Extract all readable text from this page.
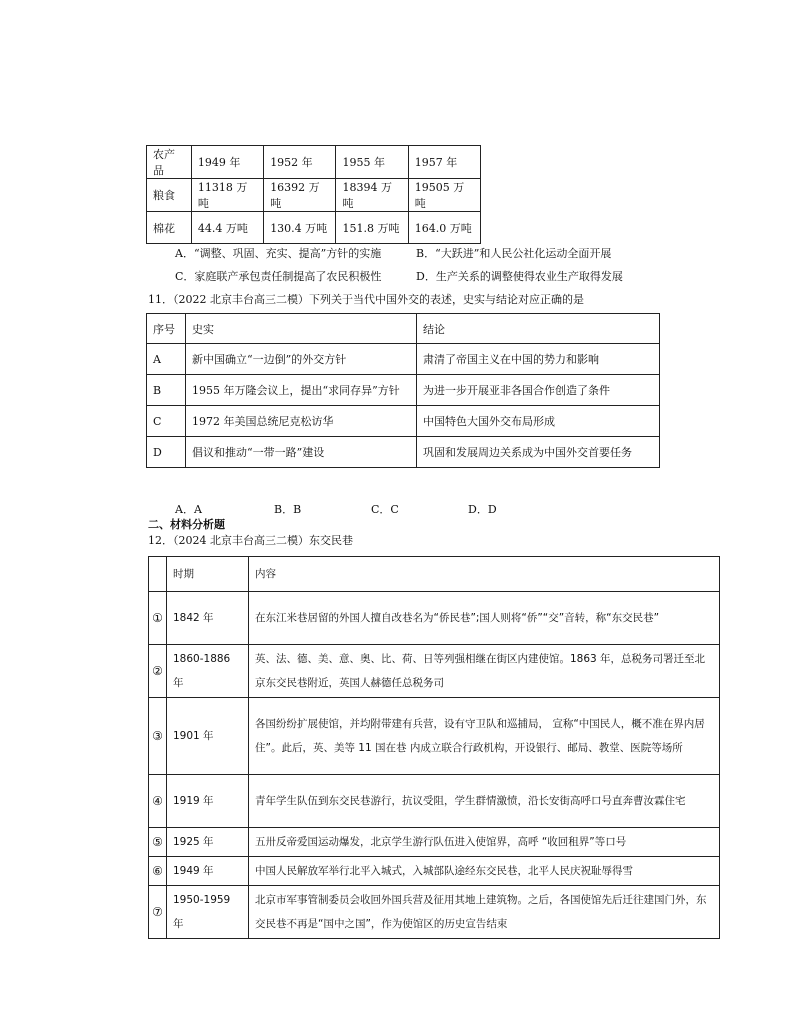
农产品	1949 年	1952 年	1955 年	1957 年
粮食	11318 万吨	16392 万吨	18394 万吨	19505 万吨
棉花	44.4 万吨	130.4 万吨	151.8 万吨	164.0 万吨
A．“调整、巩固、充实、提高”方针的实施	B．“大跃进”和人民公社化运动全面开展
C．家庭联产承包责任制提高了农民积极性	D．生产关系的调整使得农业生产取得发展
11．（2022 北京丰台高三二模）下列关于当代中国外交的表述，史实与结论对应正确的是
序号	史实	结论
A	新中国确立“一边倒”的外交方针	肃清了帝国主义在中国的势力和影响
B	1955 年万隆会议上，提出“求同存异”方针	为进一步开展亚非各国合作创造了条件
C	1972 年美国总统尼克松访华	中国特色大国外交布局形成
D	倡议和推动“一带一路”建设	巩固和发展周边关系成为中国外交首要任务
A．A	B．B	C．C	D．D
二、材料分析题
12．（2024 北京丰台高三二模）东交民巷
	时期	内容
①	1842 年	在东江米巷居留的外国人擅自改巷名为“侨民巷”;国人则将“侨”“交”音转，称“东交民巷”
②	1860-1886 年	英、法、德、美、意、奥、比、荷、日等列强相继在街区内建使馆。1863 年，总税务司署迁至北京东交民巷附近，英国人赫德任总税务司
③	1901 年	各国纷纷扩展使馆，并均附带建有兵营，设有守卫队和巡捕局， 宣称“中国民人，概不准在界内居住”。此后，英、美等 11 国在巷 内成立联合行政机构，开设银行、邮局、教堂、医院等场所
④	1919 年	青年学生队伍到东交民巷游行，抗议受阻，学生群情激愤，沿长安街高呼口号直奔曹汝霖住宅
⑤	1925 年	五卅反帝爱国运动爆发，北京学生游行队伍进入使馆界，高呼 “收回租界”等口号
⑥	1949 年	中国人民解放军举行北平入城式，入城部队途经东交民巷，北平人民庆祝耻辱得雪
⑦	1950-1959 年	北京市军事管制委员会收回外国兵营及征用其地上建筑物。之后，各国使馆先后迁往建国门外，东交民巷不再是“国中之国”，作为使馆区的历史宣告结束
